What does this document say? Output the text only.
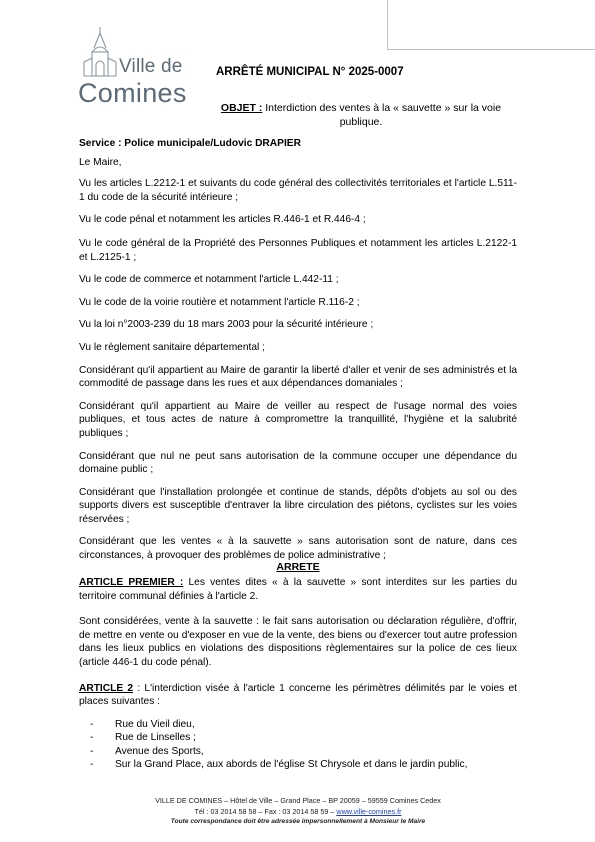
Ville de
Comines
ARRÊTÉ MUNICIPAL N° 2025-0007
OBJET : Interdiction des ventes à la « sauvette » sur la voie publique.

Service : Police municipale/Ludovic DRAPIER

Le Maire,

Vu les articles L.2212-1 et suivants du code général des collectivités territoriales et l'article L.511-1 du code de la sécurité intérieure ;

Vu le code pénal et notamment les articles R.446-1 et R.446-4 ;

Vu le code général de la Propriété des Personnes Publiques et notamment les articles L.2122-1 et L.2125-1 ;

Vu le code de commerce et notamment l'article L.442-11 ;

Vu le code de la voirie routière et notamment l'article R.116-2 ;

Vu la loi n°2003-239 du 18 mars 2003 pour la sécurité intérieure ;

Vu le règlement sanitaire départemental ;

Considérant qu'il appartient au Maire de garantir la liberté d'aller et venir de ses administrés et la commodité de passage dans les rues et aux dépendances domaniales ;

Considérant qu'il appartient au Maire de veiller au respect de l'usage normal des voies publiques, et tous actes de nature à compromettre la tranquillité, l'hygiène et la salubrité publiques ;

Considérant que nul ne peut sans autorisation de la commune occuper une dépendance du domaine public ;

Considérant que l'installation prolongée et continue de stands, dépôts d'objets au sol ou des supports divers est susceptible d'entraver la libre circulation des piétons, cyclistes sur les voies réservées ;

Considérant que les ventes « à la sauvette » sans autorisation sont de nature, dans ces circonstances, à provoquer des problèmes de police administrative ;

ARRETE

ARTICLE PREMIER : Les ventes dites « à la sauvette » sont interdites sur les parties du territoire communal définies à l'article 2.

Sont considérées, vente à la sauvette : le fait sans autorisation ou déclaration régulière, d'offrir, de mettre en vente ou d'exposer en vue de la vente, des biens ou d'exercer tout autre profession dans les lieux publics en violations des dispositions règlementaires sur la police de ces lieux (article 446-1 du code pénal).

ARTICLE 2 : L'interdiction visée à l'article 1 concerne les périmètres délimités par le voies et places suivantes :

- Rue du Vieil dieu,
- Rue de Linselles ;
- Avenue des Sports,
- Sur la Grand Place, aux abords de l'église St Chrysole et dans le jardin public,
VILLE DE COMINES – Hôtel de Ville – Grand Place – BP 20059 – 59559 Comines Cedex
Tél : 03 2014 58 58 – Fax : 03 2014 58 59 – www.ville-comines.fr
Toute correspondance doit être adressée impersonnellement à Monsieur le Maire
